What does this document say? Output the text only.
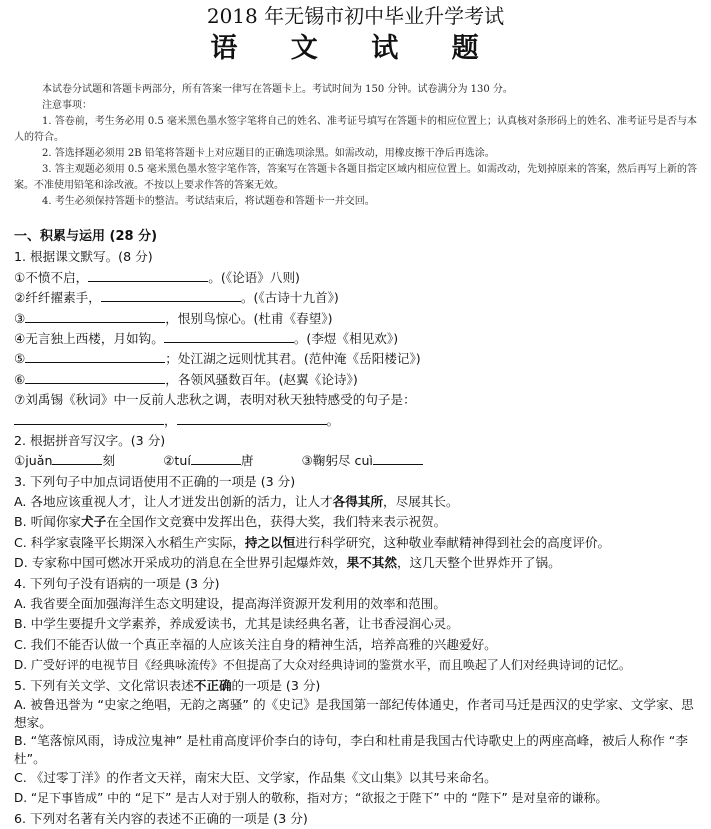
2018 年无锡市初中毕业升学考试
语 文 试 题

本试卷分试题和答题卡两部分，所有答案一律写在答题卡上。考试时间为 150 分钟。试卷满分为 130 分。

注意事项：

1. 答卷前，考生务必用 0.5 毫米黑色墨水签字笔将自己的姓名、准考证号填写在答题卡的相应位置上；认真核对条形码上的姓名、准考证号是否与本人的符合。

2. 答选择题必须用 2B 铅笔将答题卡上对应题目的正确选项涂黑。如需改动，用橡皮擦干净后再选涂。

3. 答主观题必须用 0.5 毫米黑色墨水签字笔作答，答案写在答题卡各题目指定区域内相应位置上。如需改动，先划掉原来的答案，然后再写上新的答案。不准使用铅笔和涂改液。不按以上要求作答的答案无效。

4. 考生必须保持答题卡的整洁。考试结束后，将试题卷和答题卡一并交回。

一、积累与运用 (28 分)
1. 根据课文默写。(8 分)
①不愤不启，	。(《论语》八则)
②纤纤擢素手，	。(《古诗十九首》)
③	，恨别鸟惊心。(杜甫《春望》)
④无言独上西楼，月如钩。	。(李煜《相见欢》)
⑤	；处江湖之远则忧其君。(范仲淹《岳阳楼记》)
⑥	，各领风骚数百年。(赵翼《论诗》)
⑦刘禹锡《秋词》中一反前人悲秋之调，表明对秋天独特感受的句子是：
，	。
2. 根据拼音写汉字。(3 分)
①juǎn	刻	②tuí	唐	③鞠躬尽 cuì
3. 下列句子中加点词语使用不正确的一项是 (3 分)
A. 各地应该重视人才，让人才迸发出创新的活力，让人才各得其所，尽展其长。
B. 听闻你家犬子在全国作文竞赛中发挥出色，获得大奖，我们特来表示祝贺。
C. 科学家袁隆平长期深入水稻生产实际，持之以恒进行科学研究，这种敬业奉献精神得到社会的高度评价。
D. 专家称中国可燃冰开采成功的消息在全世界引起爆炸效，果不其然，这几天整个世界炸开了锅。
4. 下列句子没有语病的一项是 (3 分)
A. 我省要全面加强海洋生态文明建设，提高海洋资源开发利用的效率和范围。
B. 中学生要提升文学素养，养成爱读书，尤其是读经典名著，让书香浸润心灵。
C. 我们不能否认做一个真正幸福的人应该关注自身的精神生活，培养高雅的兴趣爱好。
D. 广受好评的电视节目《经典咏流传》不但提高了大众对经典诗词的鉴赏水平，而且唤起了人们对经典诗词的记忆。
5. 下列有关文学、文化常识表述不正确的一项是 (3 分)
A. 被鲁迅誉为 “史家之绝唱，无韵之离骚” 的《史记》是我国第一部纪传体通史，作者司马迁是西汉的史学家、文学家、思想家。
B. “笔落惊风雨，诗成泣鬼神” 是杜甫高度评价李白的诗句，李白和杜甫是我国古代诗歌史上的两座高峰，被后人称作 “李杜”。
C. 《过零丁洋》的作者文天祥，南宋大臣、文学家，作品集《文山集》以其号来命名。
D. “足下事皆成” 中的 “足下” 是古人对于别人的敬称，指对方；“欲报之于陛下” 中的 “陛下” 是对皇帝的谦称。
6. 下列对名著有关内容的表述不正确的一项是 (3 分)
